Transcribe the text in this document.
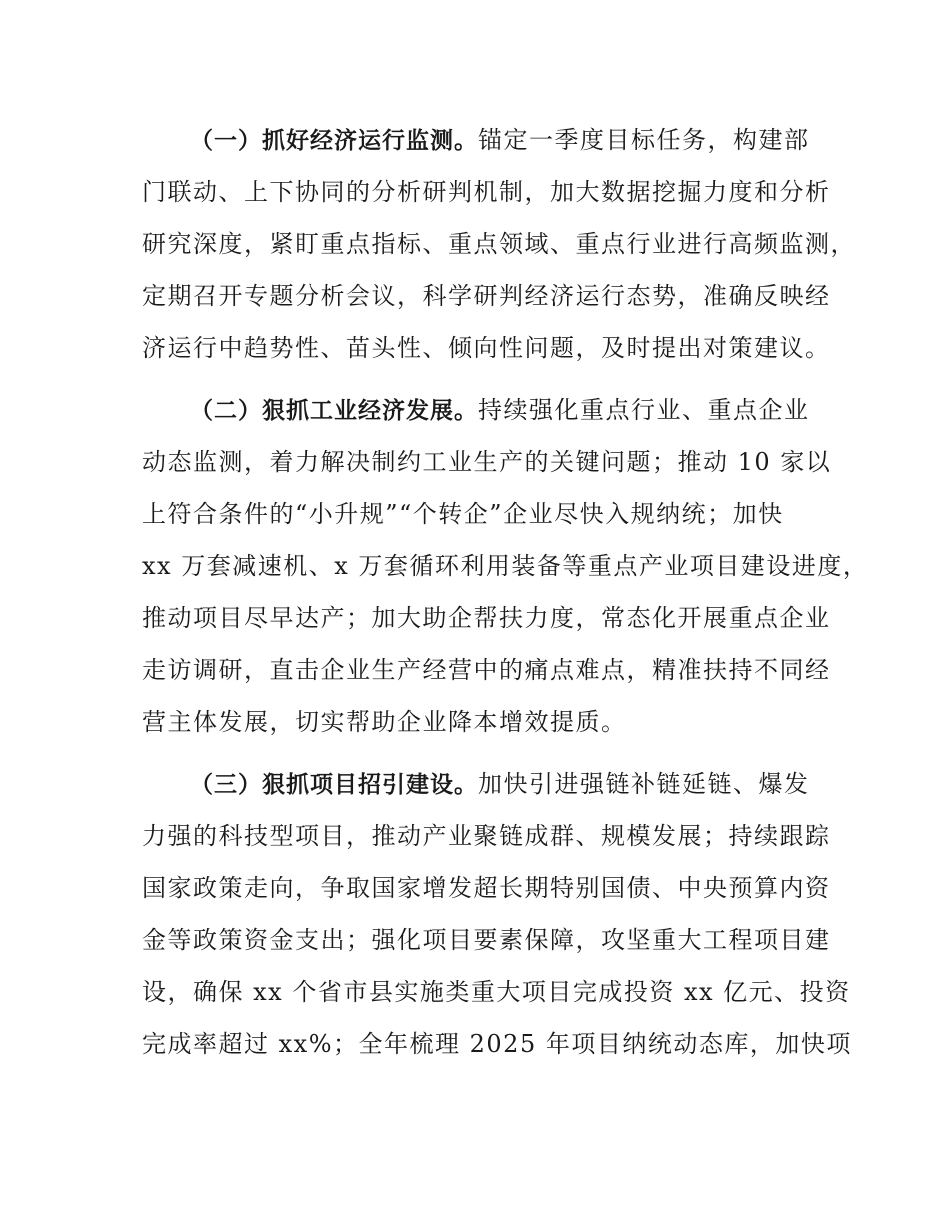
（一）抓好经济运行监测。锚定一季度目标任务，构建部
门联动、上下协同的分析研判机制，加大数据挖掘力度和分析
研究深度，紧盯重点指标、重点领域、重点行业进行高频监测，
定期召开专题分析会议，科学研判经济运行态势，准确反映经
济运行中趋势性、苗头性、倾向性问题，及时提出对策建议。
（二）狠抓工业经济发展。持续强化重点行业、重点企业
动态监测，着力解决制约工业生产的关键问题；推动 10 家以
上符合条件的“小升规”“个转企”企业尽快入规纳统；加快
xx 万套减速机、x 万套循环利用装备等重点产业项目建设进度，
推动项目尽早达产；加大助企帮扶力度，常态化开展重点企业
走访调研，直击企业生产经营中的痛点难点，精准扶持不同经
营主体发展，切实帮助企业降本增效提质。
（三）狠抓项目招引建设。加快引进强链补链延链、爆发
力强的科技型项目，推动产业聚链成群、规模发展；持续跟踪
国家政策走向，争取国家增发超长期特别国债、中央预算内资
金等政策资金支出；强化项目要素保障，攻坚重大工程项目建
设，确保 xx 个省市县实施类重大项目完成投资 xx 亿元、投资
完成率超过 xx%；全年梳理 2025 年项目纳统动态库，加快项
